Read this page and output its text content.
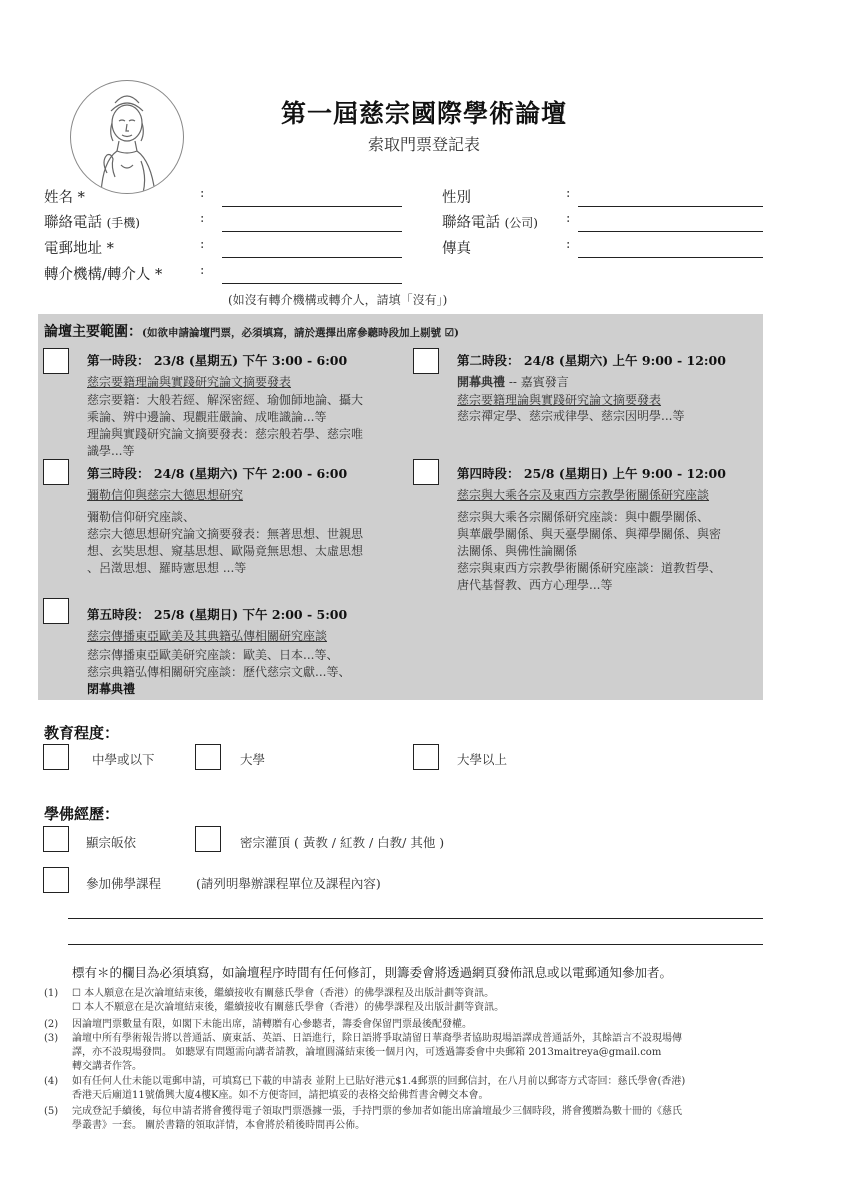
第一屆慈宗國際學術論壇
索取門票登記表
姓名 *	:	性別	:
聯絡電話 (手機)	:	聯絡電話 (公司) :
電郵地址 *	:	傳真	:
轉介機構/轉介人 *	:
(如沒有轉介機構或轉介人，請填「沒有」)
論壇主要範圍：(如欲申請論壇門票，必須填寫，請於選擇出席參聽時段加上剔號 ☑)
第一時段： 23/8 (星期五) 下午 3:00 - 6:00
慈宗要籍理論與實踐研究論文摘要發表
慈宗要籍：大般若經、解深密經、瑜伽師地論、攝大
乘論、辨中邊論、現觀莊嚴論、成唯識論...等
理論與實踐研究論文摘要發表：慈宗般若學、慈宗唯
識學...等
第二時段： 24/8 (星期六) 上午 9:00 - 12:00
開幕典禮 -- 嘉賓發言
慈宗要籍理論與實踐研究論文摘要發表
慈宗禪定學、慈宗戒律學、慈宗因明學...等
第三時段： 24/8 (星期六) 下午 2:00 - 6:00
彌勒信仰與慈宗大德思想研究
彌勒信仰研究座談、
慈宗大德思想研究論文摘要發表：無著思想、世親思
想、玄奘思想、窺基思想、歐陽竟無思想、太虛思想
、呂澂思想、羅時憲思想 ...等
第四時段： 25/8 (星期日) 上午 9:00 - 12:00
慈宗與大乘各宗及東西方宗教學術關係研究座談
慈宗與大乘各宗關係研究座談：與中觀學關係、
與華嚴學關係、與天臺學關係、與禪學關係、與密
法關係、與佛性論關係
慈宗與東西方宗教學術關係研究座談：道教哲學、
唐代基督教、西方心理學...等
第五時段： 25/8 (星期日) 下午 2:00 - 5:00
慈宗傳播東亞歐美及其典籍弘傳相關研究座談
慈宗傳播東亞歐美研究座談：歐美、日本...等、
慈宗典籍弘傳相關研究座談：歷代慈宗文獻...等、
閉幕典禮
教育程度：
中學或以下	大學	大學以上
學佛經歷：
顯宗皈依	密宗灌頂 ( 黃教 / 紅教 / 白教/ 其他 )
參加佛學課程	(請列明舉辦課程單位及課程內容)
標有＊的欄目為必須填寫，如論壇程序時間有任何修訂，則籌委會將透過網頁發佈訊息或以電郵通知參加者。
(1) ☐ 本人願意在是次論壇結束後，繼續接收有關慈氏學會（香港）的佛學課程及出版計劃等資訊。
☐ 本人不願意在是次論壇結束後，繼續接收有關慈氏學會（香港）的佛學課程及出版計劃等資訊。
(2) 因論壇門票數量有限，如閣下未能出席，請轉贈有心參聽者，籌委會保留門票最後配發權。
(3) 論壇中所有學術報告將以普通話、廣東話、英語、日語進行，除日語將爭取請留日華裔學者協助現場語譯成普通話外，其餘語言不設現場傳
譯，亦不設現場發問。 如聽眾有問題需向講者請教，論壇圓滿結束後一個月內，可透過籌委會中央郵箱 2013maitreya@gmail.com
轉交講者作答。
(4) 如有任何人仕未能以電郵申請，可填寫已下載的申請表 並附上已貼好港元$1.4郵票的回郵信封，在八月前以郵寄方式寄回：慈氏學會(香港)
香港天后廟道11號僑興大廈4樓K座。如不方便寄回，請把填妥的表格交給佛哲書舍轉交本會。
(5) 完成登記手續後，每位申請者將會獲得電子領取門票憑據一張，手持門票的參加者如能出席論壇最少三個時段，將會獲贈為數十冊的《慈氏
學叢書》一套。 關於書籍的領取詳情，本會將於稍後時間再公佈。
